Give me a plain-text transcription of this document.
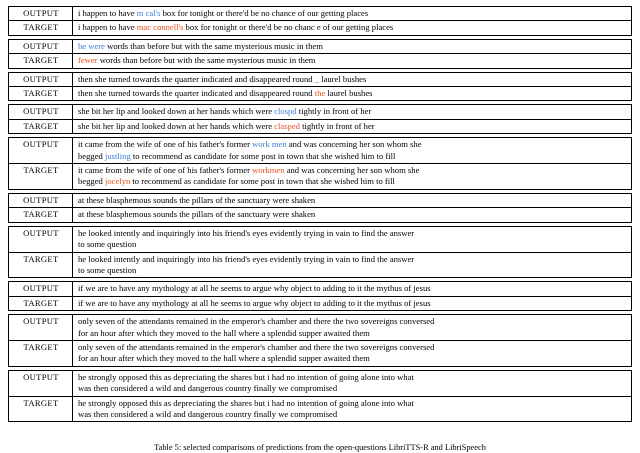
OUTPUT	i happen to have m cal's box for tonight or there'd be no chance of our getting places

TARGET	i happen to have mac connell's box for tonight or there'd be no chanc e of our getting places

OUTPUT	he were words than before but with the same mysterious music in them

TARGET	fewer words than before but with the same mysterious music in them

OUTPUT	then she turned towards the quarter indicated and disappeared round _ laurel bushes

TARGET	then she turned towards the quarter indicated and disappeared round the laurel bushes

OUTPUT	she bit her lip and looked down at her hands which were clospd tightly in front of her

TARGET	she bit her lip and looked down at her hands which were clasped tightly in front of her

OUTPUT	it came from the wife of one of his father's former work men and was concerning her son whom she
begged justling to recommend as candidate for some post in town that she wished him to fill

TARGET	it came from the wife of one of his father's former workmen and was concerning her son whom she
begged jocelyn to recommend as candidate for some post in town that she wished him to fill

OUTPUT	at these blasphemous sounds the pillars of the sanctuary were shaken

TARGET	at these blasphemous sounds the pillars of the sanctuary were shaken

OUTPUT	he looked intently and inquiringly into his friend's eyes evidently trying in vain to find the answer
to some question

TARGET	he looked intently and inquiringly into his friend's eyes evidently trying in vain to find the answer
to some question

OUTPUT	if we are to have any mythology at all he seems to argue why object to adding to it the mythus of jesus

TARGET	if we are to have any mythology at all he seems to argue why object to adding to it the mythus of jesus

OUTPUT	only seven of the attendants remained in the emperor's chamber and there the two sovereigns conversed
for an hour after which they moved to the hall where a splendid supper awaited them

TARGET	only seven of the attendants remained in the emperor's chamber and there the two sovereigns conversed
for an hour after which they moved to the hall where a splendid supper awaited them

OUTPUT	he strongly opposed this as depreciating the shares but i had no intention of going alone into what
was then considered a wild and dangerous country finally we compromised

TARGET	he strongly opposed this as depreciating the shares but i had no intention of going alone into what
was then considered a wild and dangerous country finally we compromised
Table 5: selected comparisons of predictions from the open-questions LibriTTS-R and LibriSpeech
